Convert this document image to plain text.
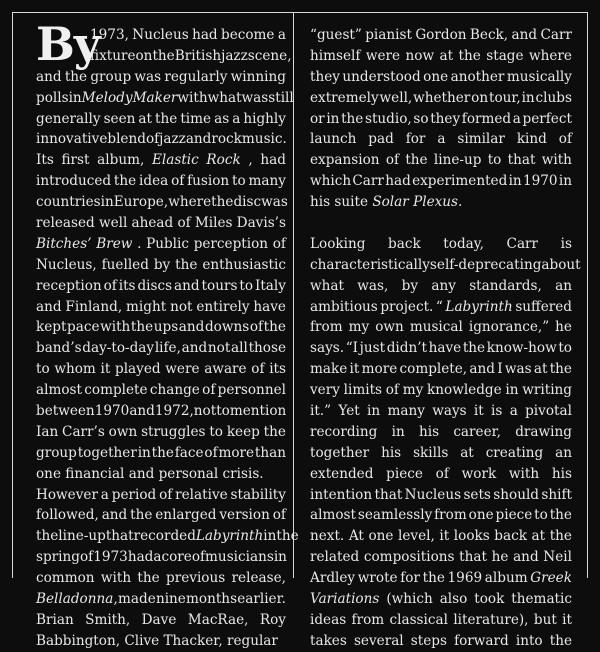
By
1973, Nucleus had become a
fixture on the British jazz scene,
and the group was regularly winning
polls in Melody Maker with what was still
generally seen at the time as a highly
innovative blend of jazz and rock music.
Its first album, Elastic Rock , had
introduced the idea of fusion to many
countries in Europe, where the disc was
released well ahead of Miles Davis’s
Bitches’ Brew . Public perception of
Nucleus, fuelled by the enthusiastic
reception of its discs and tours to Italy
and Finland, might not entirely have
kept pace with the ups and downs of the
band’s day-to-day life, and not all those
to whom it played were aware of its
almost complete change of personnel
between 1970 and 1972, not to mention
Ian Carr’s own struggles to keep the
group together in the face of more than
one financial and personal crisis.
However a period of relative stability
followed, and the enlarged version of
the line-up that recorded Labyrinth in the
spring of 1973 had a core of musicians in
common with the previous release,
Belladonna , made nine months earlier.
Brian Smith, Dave MacRae, Roy
Babbington, Clive Thacker, regular
“guest” pianist Gordon Beck, and Carr
himself were now at the stage where
they understood one another musically
extremely well, whether on tour, in clubs
or in the studio, so they formed a perfect
launch pad for a similar kind of
expansion of the line-up to that with
which Carr had experimented in 1970 in
his suite Solar Plexus.
Looking back today, Carr is
characteristically self-deprecating about
what was, by any standards, an
ambitious project. “ Labyrinth suffered
from my own musical ignorance,” he
says. “I just didn’t have the know-how to
make it more complete, and I was at the
very limits of my knowledge in writing
it.” Yet in many ways it is a pivotal
recording in his career, drawing
together his skills at creating an
extended piece of work with his
intention that Nucleus sets should shift
almost seamlessly from one piece to the
next. At one level, it looks back at the
related compositions that he and Neil
Ardley wrote for the 1969 album Greek
Variations (which also took thematic
ideas from classical literature), but it
takes several steps forward into the
